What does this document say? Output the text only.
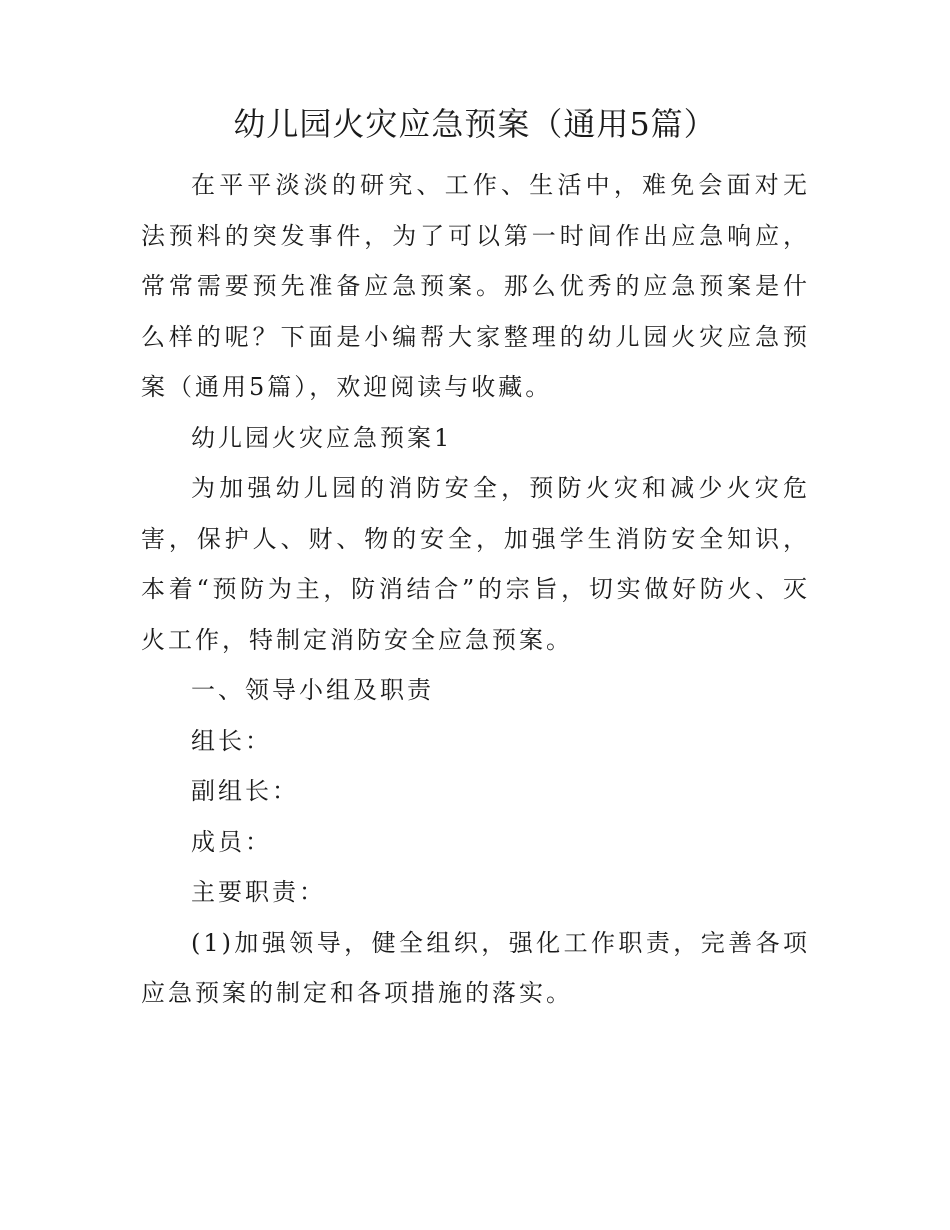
幼儿园火灾应急预案（通用5篇）

在平平淡淡的研究、工作、生活中，难免会面对无法预料的突发事件，为了可以第一时间作出应急响应，常常需要预先准备应急预案。那么优秀的应急预案是什么样的呢？下面是小编帮大家整理的幼儿园火灾应急预案（通用5篇），欢迎阅读与收藏。

幼儿园火灾应急预案1

为加强幼儿园的消防安全，预防火灾和减少火灾危害，保护人、财、物的安全，加强学生消防安全知识，本着“预防为主，防消结合”的宗旨，切实做好防火、灭火工作，特制定消防安全应急预案。

一、领导小组及职责

组长：

副组长：

成员：

主要职责：

(1)加强领导，健全组织，强化工作职责，完善各项应急预案的制定和各项措施的落实。
